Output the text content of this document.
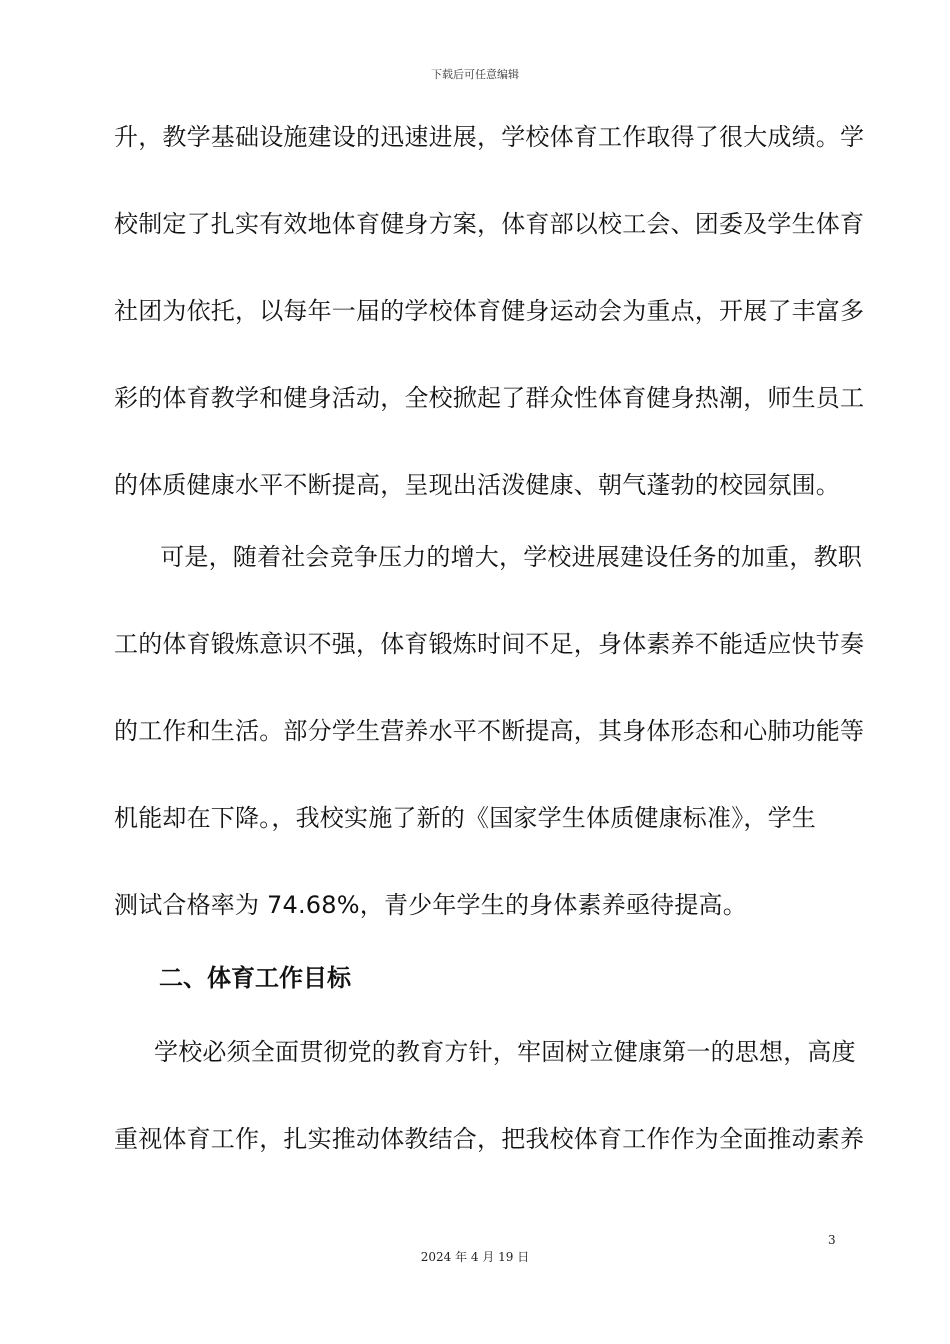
下载后可任意编辑
升，教学基础设施建设的迅速进展，学校体育工作取得了很大成绩。学
校制定了扎实有效地体育健身方案，体育部以校工会、团委及学生体育
社团为依托，以每年一届的学校体育健身运动会为重点，开展了丰富多
彩的体育教学和健身活动，全校掀起了群众性体育健身热潮，师生员工
的体质健康水平不断提高，呈现出活泼健康、朝气蓬勃的校园氛围。
　可是，随着社会竞争压力的增大，学校进展建设任务的加重，教职
工的体育锻炼意识不强，体育锻炼时间不足，身体素养不能适应快节奏
的工作和生活。部分学生营养水平不断提高，其身体形态和心肺功能等
机能却在下降。，我校实施了新的《国家学生体质健康标准》，学生
测试合格率为 74.68%，青少年学生的身体素养亟待提高。
二、体育工作目标
学校必须全面贯彻党的教育方针，牢固树立健康第一的思想，高度
重视体育工作，扎实推动体教结合，把我校体育工作作为全面推动素养
3
2024 年 4 月 19 日
